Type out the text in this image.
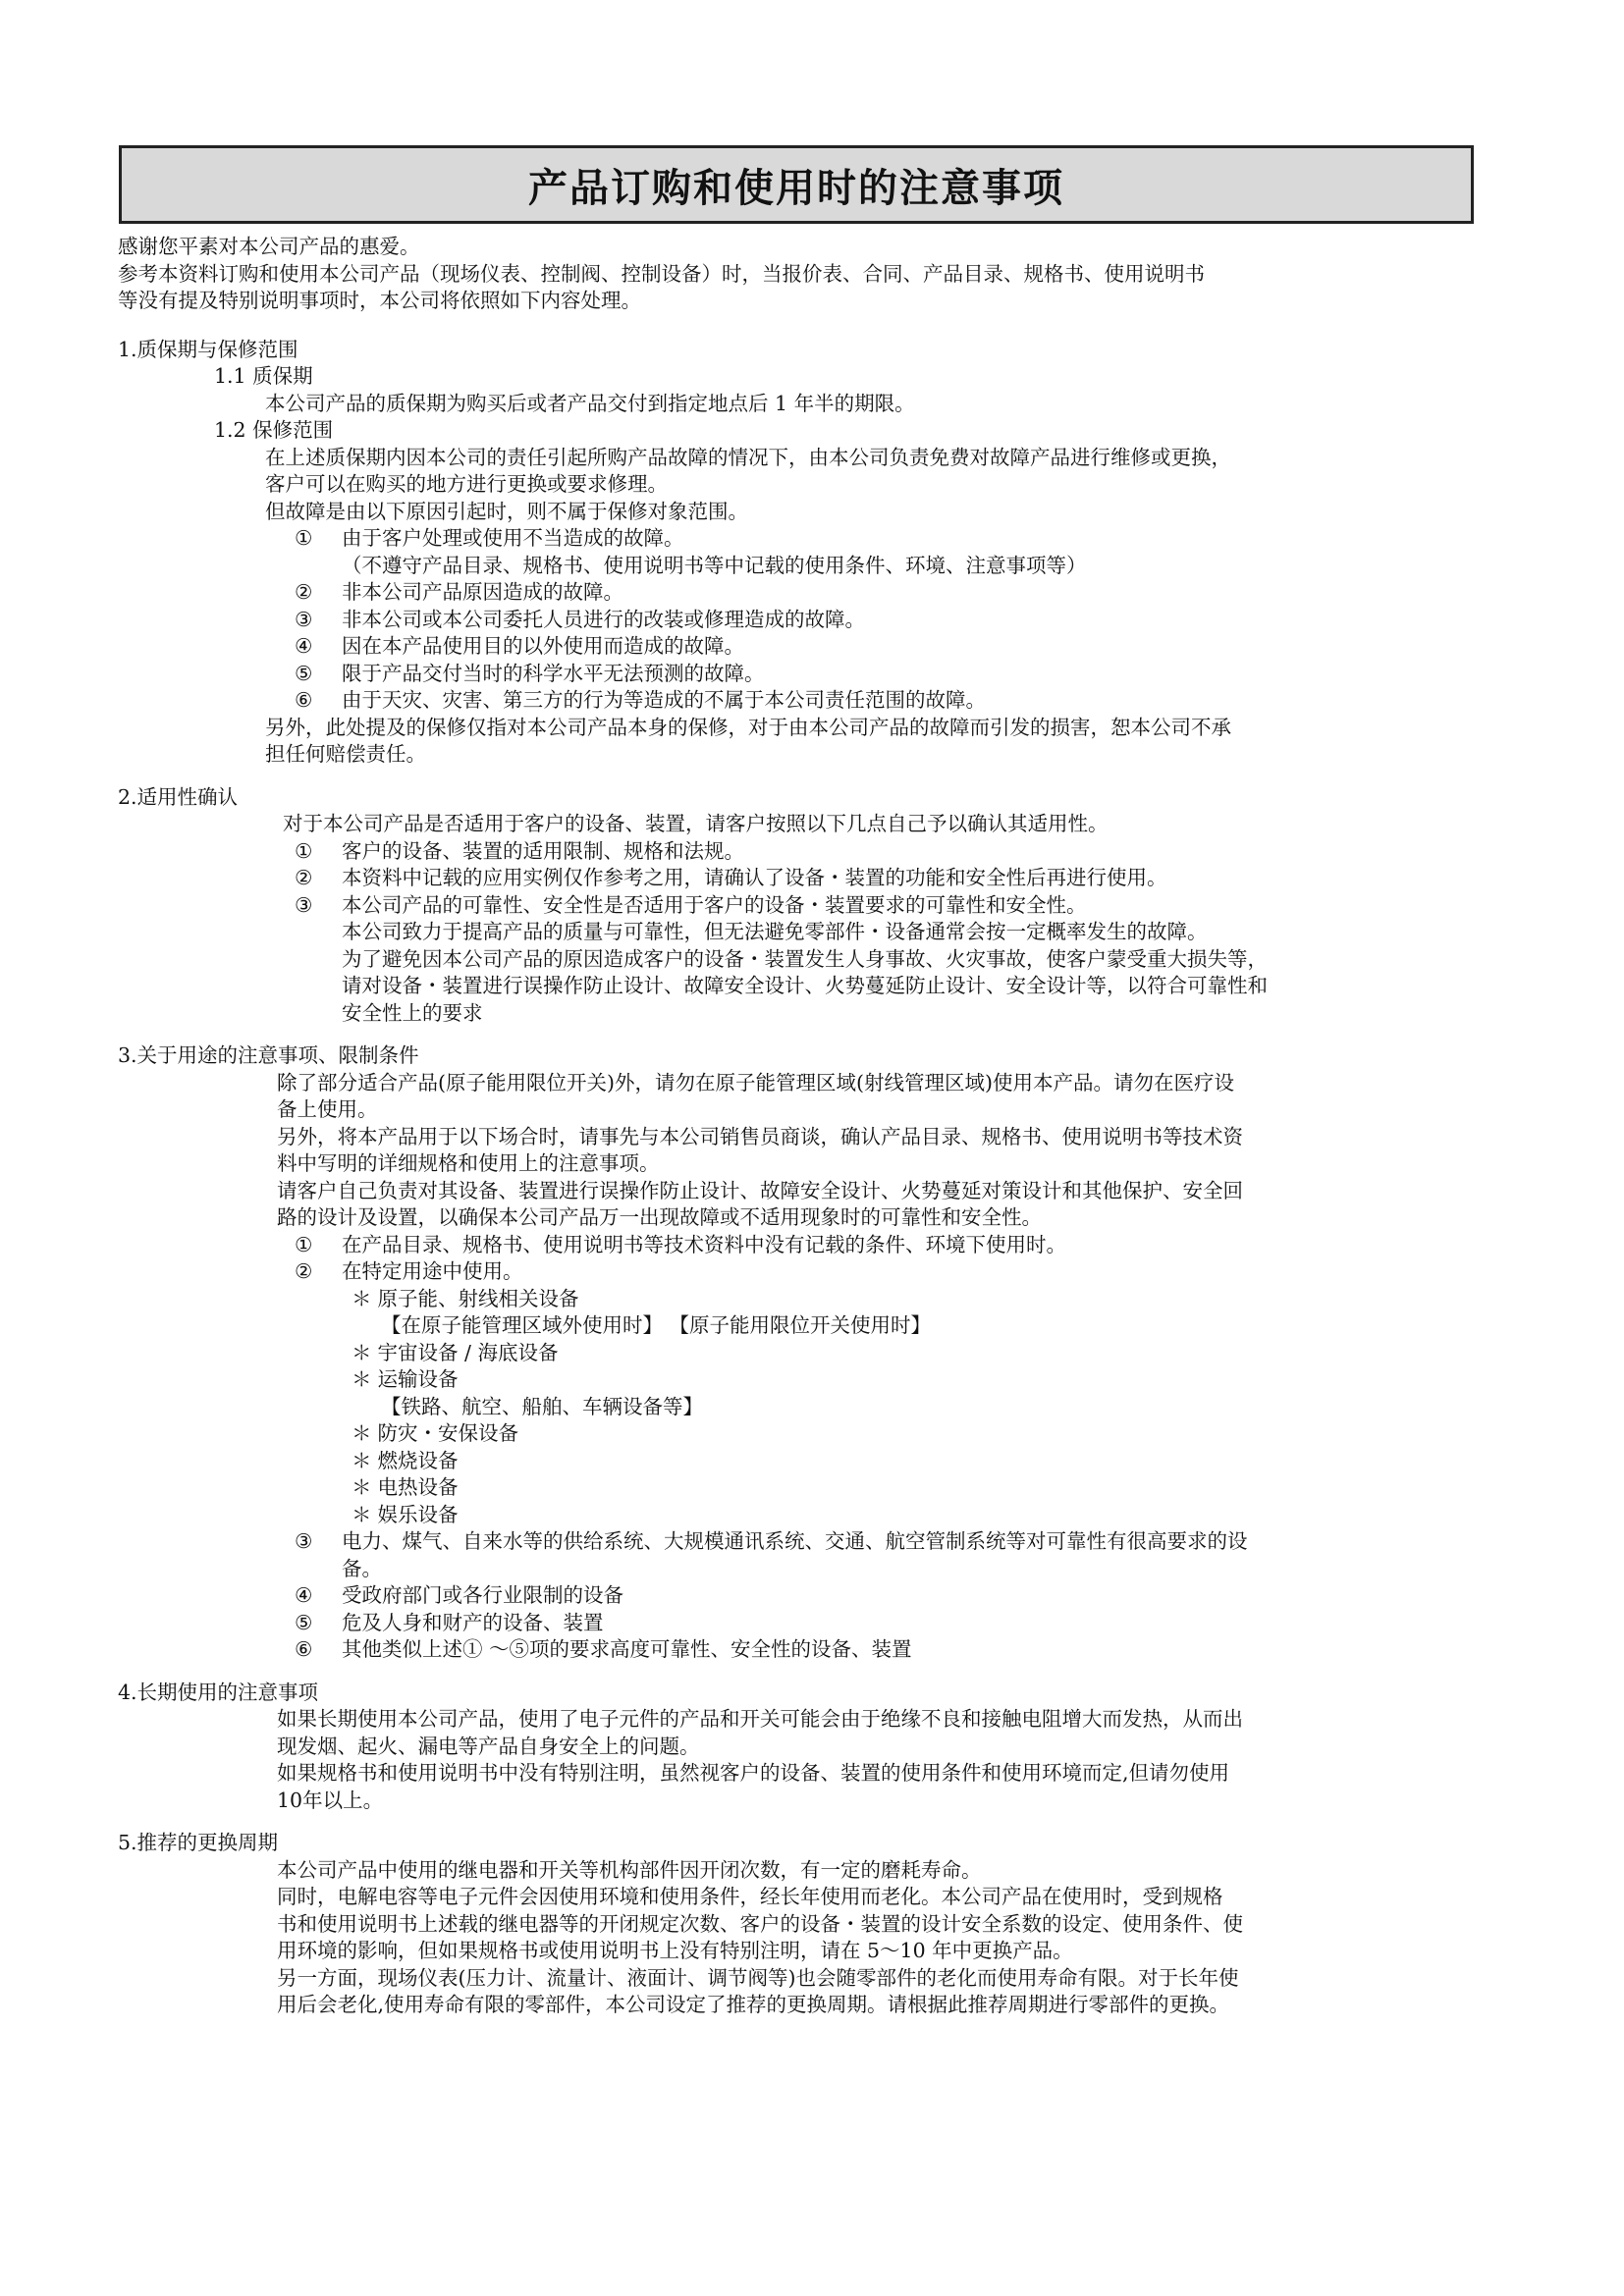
产品订购和使用时的注意事项
感谢您平素对本公司产品的惠爱。
参考本资料订购和使用本公司产品（现场仪表、控制阀、控制设备）时，当报价表、合同、产品目录、规格书、使用说明书
等没有提及特别说明事项时，本公司将依照如下内容处理。
1.质保期与保修范围
1.1 质保期
本公司产品的质保期为购买后或者产品交付到指定地点后 1 年半的期限。
1.2 保修范围
在上述质保期内因本公司的责任引起所购产品故障的情况下，由本公司负责免费对故障产品进行维修或更换，
客户可以在购买的地方进行更换或要求修理。
但故障是由以下原因引起时，则不属于保修对象范围。
① 由于客户处理或使用不当造成的故障。
（不遵守产品目录、规格书、使用说明书等中记载的使用条件、环境、注意事项等）
② 非本公司产品原因造成的故障。
③ 非本公司或本公司委托人员进行的改装或修理造成的故障。
④ 因在本产品使用目的以外使用而造成的故障。
⑤ 限于产品交付当时的科学水平无法预测的故障。
⑥ 由于天灾、灾害、第三方的行为等造成的不属于本公司责任范围的故障。
另外，此处提及的保修仅指对本公司产品本身的保修，对于由本公司产品的故障而引发的损害，恕本公司不承
担任何赔偿责任。
2.适用性确认
对于本公司产品是否适用于客户的设备、装置，请客户按照以下几点自己予以确认其适用性。
① 客户的设备、装置的适用限制、规格和法规。
② 本资料中记载的应用实例仅作参考之用，请确认了设备・装置的功能和安全性后再进行使用。
③ 本公司产品的可靠性、安全性是否适用于客户的设备・装置要求的可靠性和安全性。
本公司致力于提高产品的质量与可靠性，但无法避免零部件・设备通常会按一定概率发生的故障。
为了避免因本公司产品的原因造成客户的设备・装置发生人身事故、火灾事故，使客户蒙受重大损失等，
请对设备・装置进行误操作防止设计、故障安全设计、火势蔓延防止设计、安全设计等，以符合可靠性和
安全性上的要求
3.关于用途的注意事项、限制条件
除了部分适合产品(原子能用限位开关)外，请勿在原子能管理区域(射线管理区域)使用本产品。请勿在医疗设
备上使用。
另外，将本产品用于以下场合时，请事先与本公司销售员商谈，确认产品目录、规格书、使用说明书等技术资
料中写明的详细规格和使用上的注意事项。
请客户自己负责对其设备、装置进行误操作防止设计、故障安全设计、火势蔓延对策设计和其他保护、安全回
路的设计及设置，以确保本公司产品万一出现故障或不适用现象时的可靠性和安全性。
① 在产品目录、规格书、使用说明书等技术资料中没有记载的条件、环境下使用时。
② 在特定用途中使用。
＊ 原子能、射线相关设备
【在原子能管理区域外使用时】 【原子能用限位开关使用时】
＊ 宇宙设备 / 海底设备
＊ 运输设备
【铁路、航空、船舶、车辆设备等】
＊ 防灾・安保设备
＊ 燃烧设备
＊ 电热设备
＊ 娱乐设备
③ 电力、煤气、自来水等的供给系统、大规模通讯系统、交通、航空管制系统等对可靠性有很高要求的设
备。
④ 受政府部门或各行业限制的设备
⑤ 危及人身和财产的设备、装置
⑥ 其他类似上述① ～⑤项的要求高度可靠性、安全性的设备、装置
4.长期使用的注意事项
如果长期使用本公司产品，使用了电子元件的产品和开关可能会由于绝缘不良和接触电阻增大而发热，从而出
现发烟、起火、漏电等产品自身安全上的问题。
如果规格书和使用说明书中没有特别注明，虽然视客户的设备、装置的使用条件和使用环境而定,但请勿使用
10年以上。
5.推荐的更换周期
本公司产品中使用的继电器和开关等机构部件因开闭次数，有一定的磨耗寿命。
同时，电解电容等电子元件会因使用环境和使用条件，经长年使用而老化。本公司产品在使用时，受到规格
书和使用说明书上述载的继电器等的开闭规定次数、客户的设备・装置的设计安全系数的设定、使用条件、使
用环境的影响，但如果规格书或使用说明书上没有特别注明，请在 5～10 年中更换产品。
另一方面，现场仪表(压力计、流量计、液面计、调节阀等)也会随零部件的老化而使用寿命有限。对于长年使
用后会老化,使用寿命有限的零部件，本公司设定了推荐的更换周期。请根据此推荐周期进行零部件的更换。
